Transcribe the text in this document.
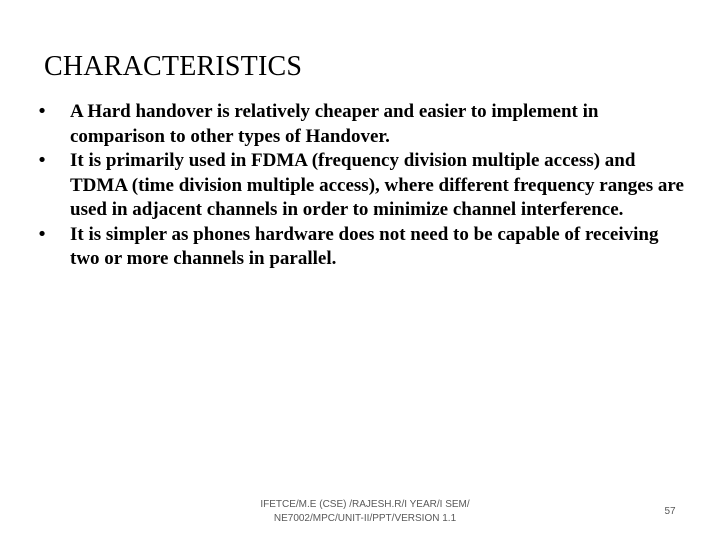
CHARACTERISTICS
• A Hard handover is relatively cheaper and easier to implement in comparison to other types of Handover.
• It is primarily used in FDMA (frequency division multiple access) and TDMA (time division multiple access), where different frequency ranges are used in adjacent channels in order to minimize channel interference.
• It is simpler as phones hardware does not need to be capable of receiving two or more channels in parallel.
IFETCE/M.E (CSE) /RAJESH.R/I YEAR/I SEM/
NE7002/MPC/UNIT-II/PPT/VERSION 1.1
57
